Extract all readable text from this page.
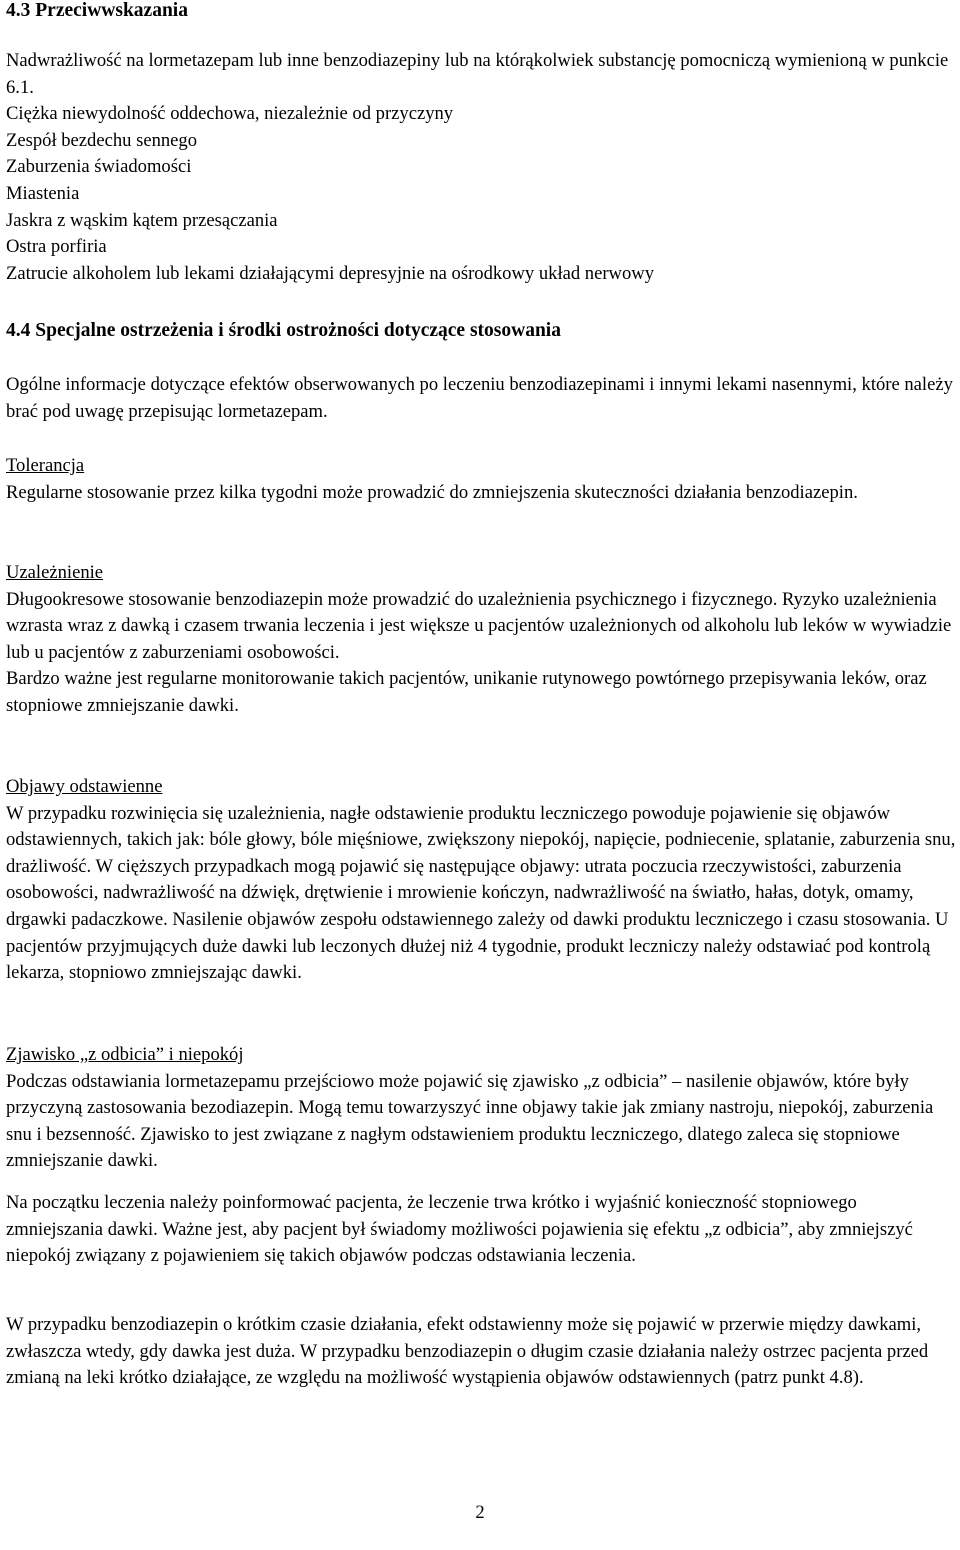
4.3 Przeciwwskazania

Nadwrażliwość na lormetazepam lub inne benzodiazepiny lub na którąkolwiek substancję pomocniczą wymienioną w punkcie 6.1.

Ciężka niewydolność oddechowa, niezależnie od przyczyny

Zespół bezdechu sennego

Zaburzenia świadomości

Miastenia

Jaskra z wąskim kątem przesączania

Ostra porfiria

Zatrucie alkoholem lub lekami działającymi depresyjnie na ośrodkowy układ nerwowy

4.4 Specjalne ostrzeżenia i środki ostrożności dotyczące stosowania

Ogólne informacje dotyczące efektów obserwowanych po leczeniu benzodiazepinami i innymi lekami nasennymi, które należy brać pod uwagę przepisując lormetazepam.

Tolerancja

Regularne stosowanie przez kilka tygodni może prowadzić do zmniejszenia skuteczności działania benzodiazepin.

Uzależnienie

Długookresowe stosowanie benzodiazepin może prowadzić do uzależnienia psychicznego i fizycznego. Ryzyko uzależnienia wzrasta wraz z dawką i czasem trwania leczenia i jest większe u pacjentów uzależnionych od alkoholu lub leków w wywiadzie lub u pacjentów z zaburzeniami osobowości.

Bardzo ważne jest regularne monitorowanie takich pacjentów, unikanie rutynowego powtórnego przepisywania leków, oraz stopniowe zmniejszanie dawki.

Objawy odstawienne

W przypadku rozwinięcia się uzależnienia, nagłe odstawienie produktu leczniczego powoduje pojawienie się objawów odstawiennych, takich jak: bóle głowy, bóle mięśniowe, zwiększony niepokój, napięcie, podniecenie, splatanie, zaburzenia snu, drażliwość. W cięższych przypadkach mogą pojawić się następujące objawy: utrata poczucia rzeczywistości, zaburzenia osobowości, nadwrażliwość na dźwięk, drętwienie i mrowienie kończyn, nadwrażliwość na światło, hałas, dotyk, omamy, drgawki padaczkowe. Nasilenie objawów zespołu odstawiennego zależy od dawki produktu leczniczego i czasu stosowania. U pacjentów przyjmujących duże dawki lub leczonych dłużej niż 4 tygodnie, produkt leczniczy należy odstawiać pod kontrolą lekarza, stopniowo zmniejszając dawki.

Zjawisko „z odbicia” i niepokój

Podczas odstawiania lormetazepamu przejściowo może pojawić się zjawisko „z odbicia” – nasilenie objawów, które były przyczyną zastosowania bezodiazepin. Mogą temu towarzyszyć inne objawy takie jak zmiany nastroju, niepokój, zaburzenia snu i bezsenność. Zjawisko to jest związane z nagłym odstawieniem produktu leczniczego, dlatego zaleca się stopniowe zmniejszanie dawki.

Na początku leczenia należy poinformować pacjenta, że leczenie trwa krótko i wyjaśnić konieczność stopniowego zmniejszania dawki. Ważne jest, aby pacjent był świadomy możliwości pojawienia się efektu „z odbicia”, aby zmniejszyć niepokój związany z pojawieniem się takich objawów podczas odstawiania leczenia.

W przypadku benzodiazepin o krótkim czasie działania, efekt odstawienny może się pojawić w przerwie między dawkami, zwłaszcza wtedy, gdy dawka jest duża. W przypadku benzodiazepin o długim czasie działania należy ostrzec pacjenta przed zmianą na leki krótko działające, ze względu na możliwość wystąpienia objawów odstawiennych (patrz punkt 4.8).

2
